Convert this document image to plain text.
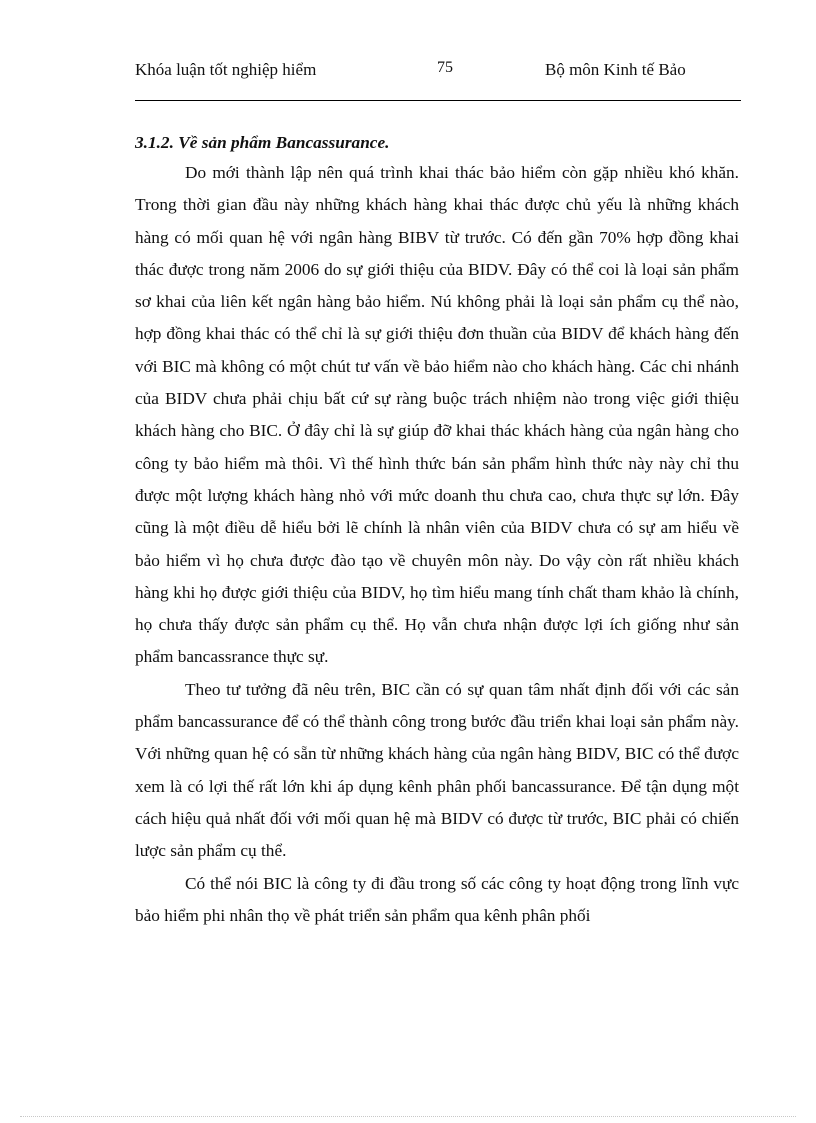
Khóa luận tốt nghiệp hiểm	75	Bộ môn Kinh tế Bảo

3.1.2. Về sản phẩm Bancassurance.

Do mới thành lập nên quá trình khai thác bảo hiểm còn gặp nhiều khó khăn. Trong thời gian đầu này những khách hàng khai thác được chủ yếu là những khách hàng có mối quan hệ với ngân hàng BIBV từ trước. Có đến gần 70% hợp đồng khai thác được trong năm 2006 do sự giới thiệu của BIDV. Đây có thể coi là loại sản phẩm sơ khai của liên kết ngân hàng bảo hiểm. Nú không phải là loại sản phẩm cụ thể nào, hợp đồng khai thác có thể chỉ là sự giới thiệu đơn thuần của BIDV để khách hàng đến với BIC mà không có một chút tư vấn về bảo hiểm nào cho khách hàng. Các chi nhánh của BIDV chưa phải chịu bất cứ sự ràng buộc trách nhiệm nào trong việc giới thiệu khách hàng cho BIC. Ở đây chỉ là sự giúp đỡ khai thác khách hàng của ngân hàng cho công ty bảo hiểm mà thôi. Vì thế hình thức bán sản phẩm hình thức này này chỉ thu được một lượng khách hàng nhỏ với mức doanh thu chưa cao, chưa thực sự lớn. Đây cũng là một điều dễ hiểu bởi lẽ chính là nhân viên của BIDV chưa có sự am hiểu về bảo hiểm vì họ chưa được đào tạo về chuyên môn này. Do vậy còn rất nhiều khách hàng khi họ được giới thiệu của BIDV, họ tìm hiểu mang tính chất tham khảo là chính, họ chưa thấy được sản phẩm cụ thể. Họ vẫn chưa nhận được lợi ích giống như sản phẩm bancassrance thực sự.

Theo tư tưởng đã nêu trên, BIC cần có sự quan tâm nhất định đối với các sản phẩm bancassurance để có thể thành công trong bước đầu triển khai loại sản phẩm này. Với những quan hệ có sẵn từ những khách hàng của ngân hàng BIDV, BIC có thể được xem là có lợi thế rất lớn khi áp dụng kênh phân phối bancassurance. Để tận dụng một cách hiệu quả nhất đối với mối quan hệ mà BIDV có được từ trước, BIC phải có chiến lược sản phẩm cụ thể.

Có thể nói BIC là công ty đi đầu trong số các công ty hoạt động trong lĩnh vực bảo hiểm phi nhân thọ về phát triển sản phẩm qua kênh phân phối
